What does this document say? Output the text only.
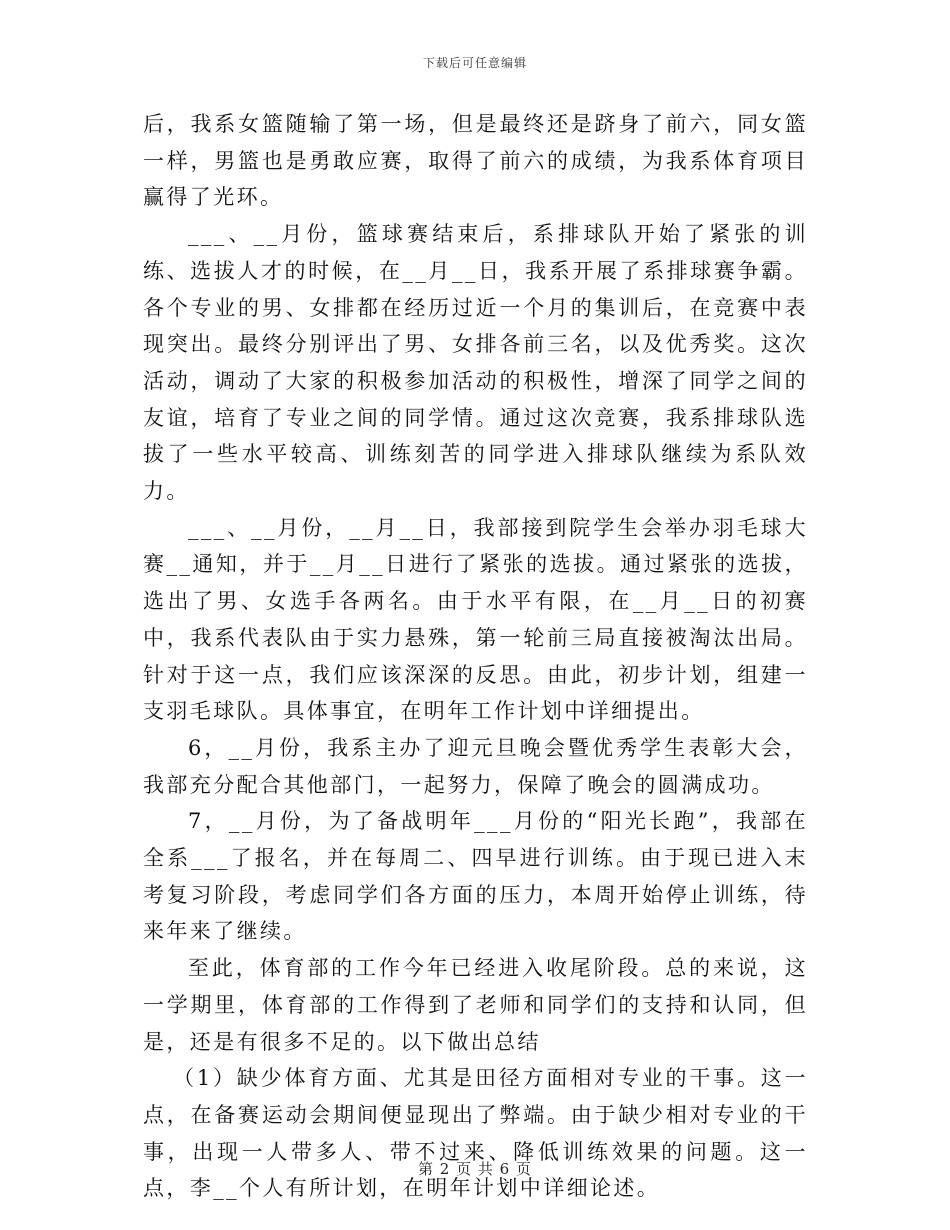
下载后可任意编辑

后，我系女篮随输了第一场，但是最终还是跻身了前六，同女篮一样，男篮也是勇敢应赛，取得了前六的成绩，为我系体育项目赢得了光环。

___、__月份，篮球赛结束后，系排球队开始了紧张的训练、选拔人才的时候，在__月__日，我系开展了系排球赛争霸。各个专业的男、女排都在经历过近一个月的集训后，在竞赛中表现突出。最终分别评出了男、女排各前三名，以及优秀奖。这次活动，调动了大家的积极参加活动的积极性，增深了同学之间的友谊，培育了专业之间的同学情。通过这次竞赛，我系排球队选拔了一些水平较高、训练刻苦的同学进入排球队继续为系队效力。

___、__月份，__月__日，我部接到院学生会举办羽毛球大赛__通知，并于__月__日进行了紧张的选拔。通过紧张的选拔，选出了男、女选手各两名。由于水平有限，在__月__日的初赛中，我系代表队由于实力悬殊，第一轮前三局直接被淘汰出局。针对于这一点，我们应该深深的反思。由此，初步计划，组建一支羽毛球队。具体事宜，在明年工作计划中详细提出。

6，__月份，我系主办了迎元旦晚会暨优秀学生表彰大会，我部充分配合其他部门，一起努力，保障了晚会的圆满成功。

7，__月份，为了备战明年___月份的“阳光长跑”，我部在全系___了报名，并在每周二、四早进行训练。由于现已进入末考复习阶段，考虑同学们各方面的压力，本周开始停止训练，待来年来了继续。

至此，体育部的工作今年已经进入收尾阶段。总的来说，这一学期里，体育部的工作得到了老师和同学们的支持和认同，但是，还是有很多不足的。以下做出总结

（1）缺少体育方面、尤其是田径方面相对专业的干事。这一点，在备赛运动会期间便显现出了弊端。由于缺少相对专业的干事，出现一人带多人、带不过来、降低训练效果的问题。这一点，李__个人有所计划，在明年计划中详细论述。

第 2 页 共 6 页
